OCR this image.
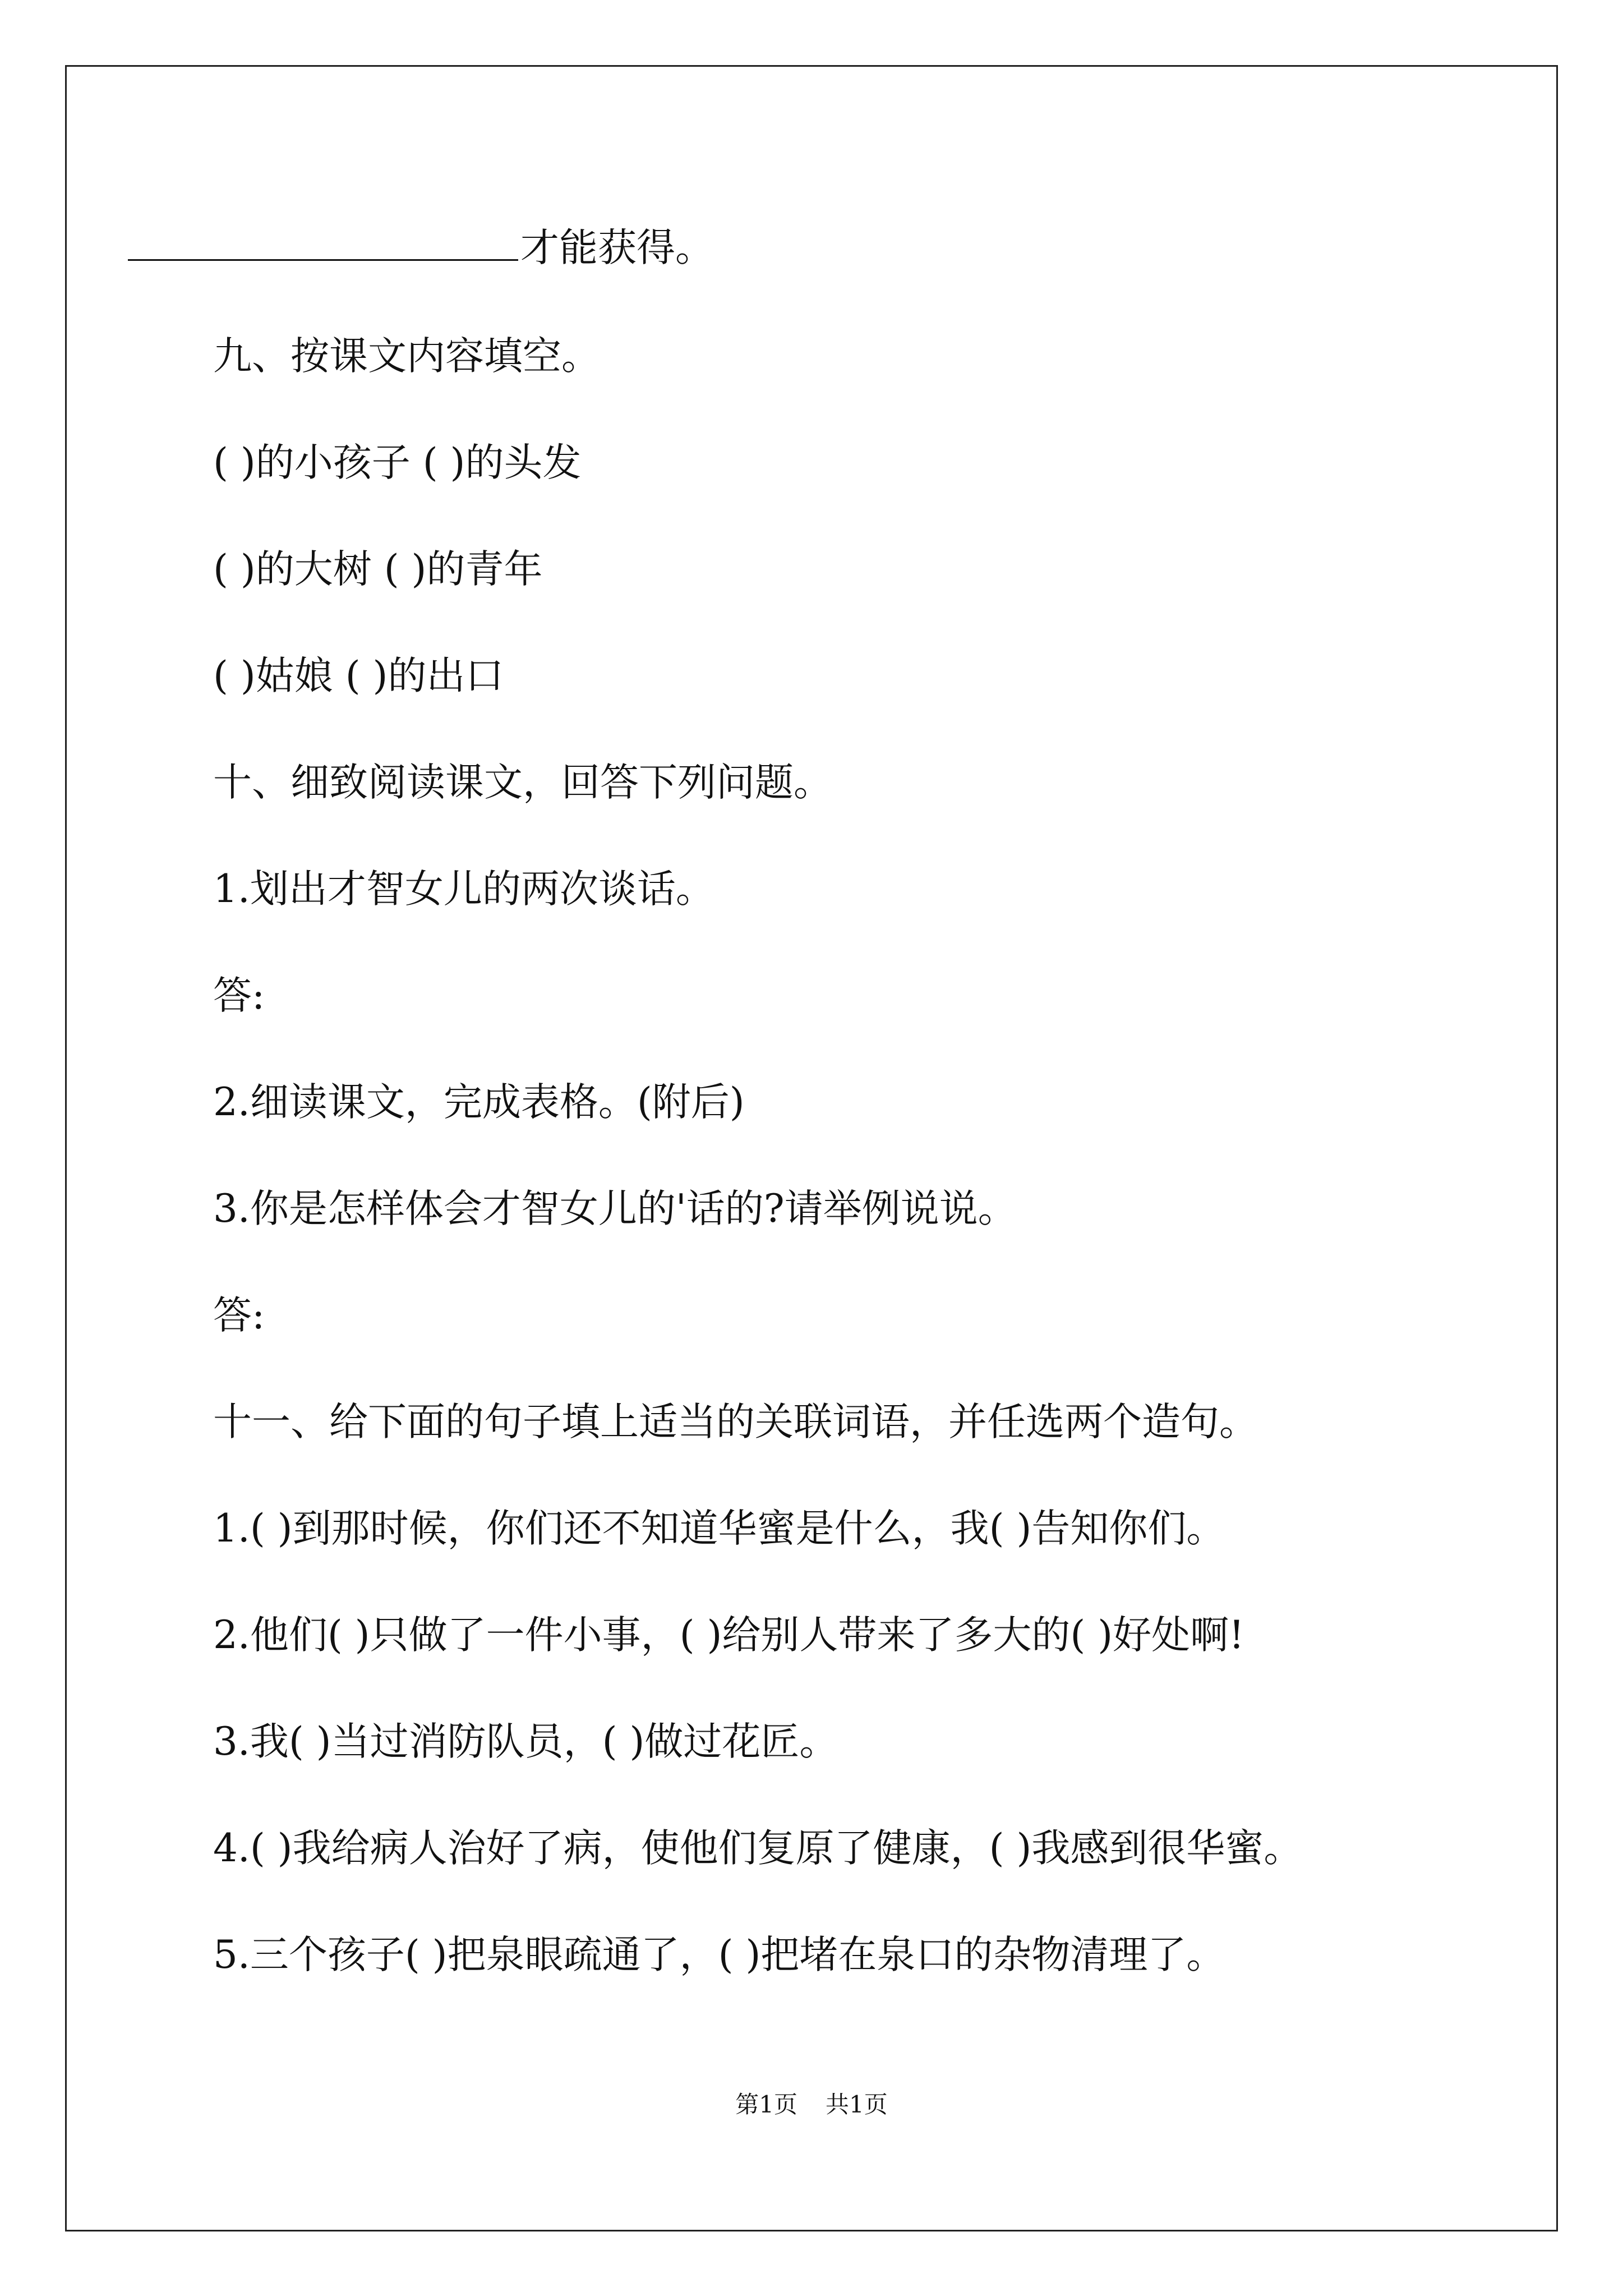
才能获得。
九、按课文内容填空。
( )的小孩子 ( )的头发
( )的大树 ( )的青年
( )姑娘 ( )的出口
十、细致阅读课文，回答下列问题。
1.划出才智女儿的两次谈话。
答:
2.细读课文，完成表格。(附后)
3.你是怎样体会才智女儿的'话的?请举例说说。
答:
十一、给下面的句子填上适当的关联词语，并任选两个造句。
1.( )到那时候，你们还不知道华蜜是什么，我( )告知你们。
2.他们( )只做了一件小事，( )给别人带来了多大的( )好处啊!
3.我( )当过消防队员，( )做过花匠。
4.( )我给病人治好了病，使他们复原了健康，( )我感到很华蜜。
5.三个孩子( )把泉眼疏通了，( )把堵在泉口的杂物清理了。
第1页 共1页
